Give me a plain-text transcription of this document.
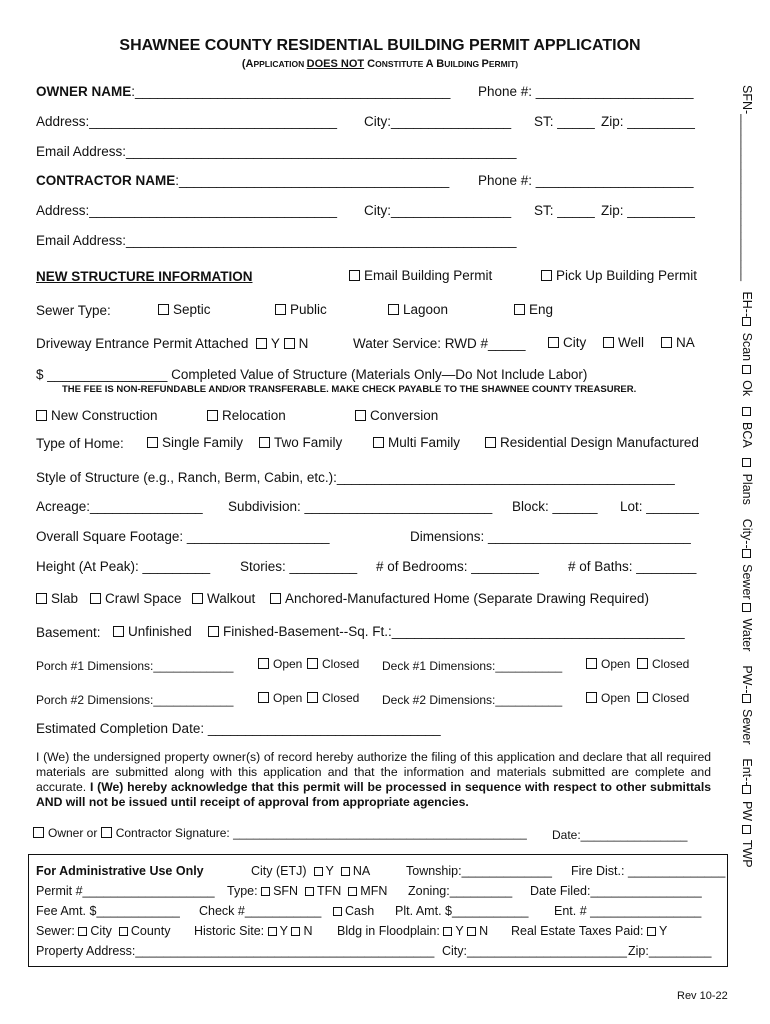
SHAWNEE COUNTY RESIDENTIAL BUILDING PERMIT APPLICATION
(APPLICATION DOES NOT CONSTITUTE A BUILDING PERMIT)
OWNER NAME:__________________________________________ Phone #: _____________________
Address:_________________________________ City:________________ ST: _____ Zip: _________
Email Address:____________________________________________________
CONTRACTOR NAME:____________________________________ Phone #: _____________________
Address:_________________________________ City:________________ ST: _____ Zip: _________
Email Address:____________________________________________________
NEW STRUCTURE INFORMATION	Email Building Permit	Pick Up Building Permit
Sewer Type:	Septic	Public	Lagoon	Eng
Driveway Entrance Permit Attached Y N	Water Service: RWD #_____	City	Well	NA
$ ________________ Completed Value of Structure (Materials Only—Do Not Include Labor)
THE FEE IS NON-REFUNDABLE AND/OR TRANSFERABLE. MAKE CHECK PAYABLE TO THE SHAWNEE COUNTY TREASURER.
New Construction	Relocation	Conversion
Type of Home:	Single Family	Two Family	Multi Family	Residential Design Manufactured
Style of Structure (e.g., Ranch, Berm, Cabin, etc.):_____________________________________________
Acreage:_______________ Subdivision: _________________________ Block: ______ Lot: _______
Overall Square Footage: ___________________	Dimensions: ___________________________
Height (At Peak): _________ Stories: _________ # of Bedrooms: _________ # of Baths: ________
Slab	Crawl Space	Walkout	Anchored-Manufactured Home (Separate Drawing Required)
Basement:	Unfinished	Finished-Basement--Sq. Ft.:_______________________________________
Porch #1 Dimensions:____________	Open	Closed Deck #1 Dimensions:__________	Open	Closed
Porch #2 Dimensions:____________	Open	Closed Deck #2 Dimensions:__________	Open	Closed
Estimated Completion Date: _______________________________
I (We) the undersigned property owner(s) of record hereby authorize the filing of this application and declare that all required materials are submitted along with this application and that the information and materials submitted are complete and accurate. I (We) hereby acknowledge that this permit will be processed in sequence with respect to other submittals AND will not be issued until receipt of approval from appropriate agencies.
Owner or Contractor Signature: ____________________________________________ Date:________________
For Administrative Use Only	City (ETJ) Y NA	Township:_____________ Fire Dist.: ______________
Permit #___________________ Type: SFN TFN MFN Zoning:_________ Date Filed:________________
Fee Amt. $____________ Check #___________	Cash Plt. Amt. $___________ Ent. # ________________
Sewer: City County Historic Site: Y N Bldg in Floodplain: Y N Real Estate Taxes Paid: Y
Property Address:___________________________________________ City:_______________________ Zip:_________
SFN-________________________   EH-- Scan  Ok    BCA    Plans    City-- Sewer  Water    PW-- Sewer    Ent-- PW  TWP
Rev 10-22
